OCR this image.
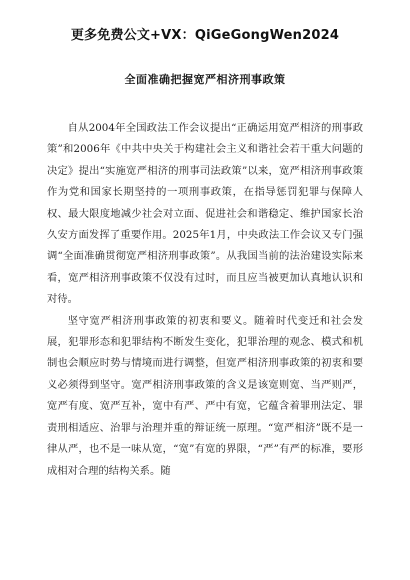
更多免费公文+VX：QiGeGongWen2024
全面准确把握宽严相济刑事政策

自从2004年全国政法工作会议提出“正确运用宽严相济的刑事政策”和2006年《中共中央关于构建社会主义和谐社会若干重大问题的决定》提出“实施宽严相济的刑事司法政策”以来，宽严相济刑事政策作为党和国家长期坚持的一项刑事政策，在指导惩罚犯罪与保障人权、最大限度地减少社会对立面、促进社会和谐稳定、维护国家长治久安方面发挥了重要作用。2025年1月，中央政法工作会议又专门强调“全面准确贯彻宽严相济刑事政策”。从我国当前的法治建设实际来看，宽严相济刑事政策不仅没有过时，而且应当被更加认真地认识和对待。

坚守宽严相济刑事政策的初衷和要义。随着时代变迁和社会发展，犯罪形态和犯罪结构不断发生变化，犯罪治理的观念、模式和机制也会顺应时势与情境而进行调整，但宽严相济刑事政策的初衷和要义必须得到坚守。宽严相济刑事政策的含义是该宽则宽、当严则严，宽严有度、宽严互补，宽中有严、严中有宽，它蕴含着罪刑法定、罪责刑相适应、治罪与治理并重的辩证统一原理。“宽严相济”既不是一律从严，也不是一味从宽，“宽”有宽的界限，“严”有严的标准，要形成相对合理的结构关系。随
